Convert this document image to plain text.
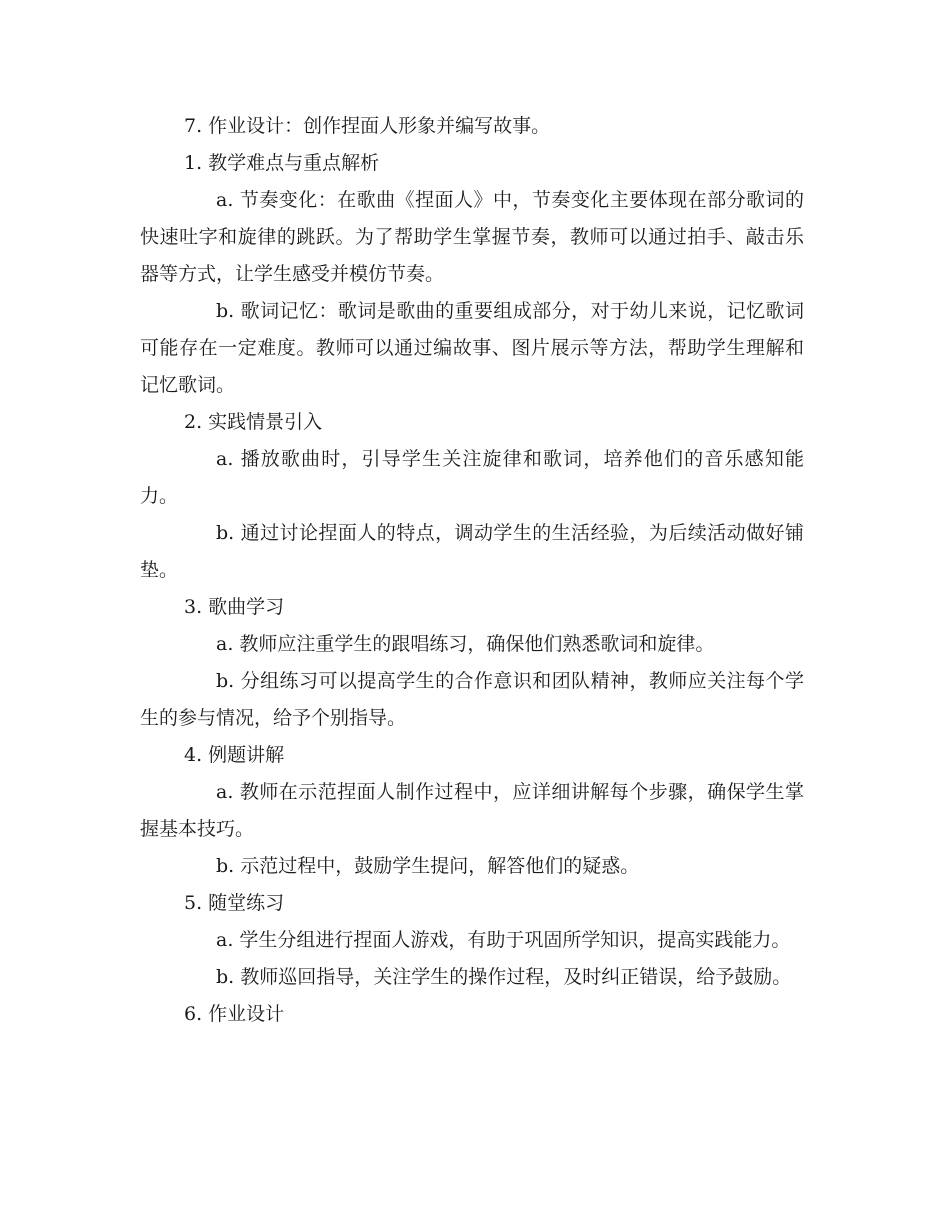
7. 作业设计：创作捏面人形象并编写故事。

1. 教学难点与重点解析

a. 节奏变化：在歌曲《捏面人》中，节奏变化主要体现在部分歌词的快速吐字和旋律的跳跃。为了帮助学生掌握节奏，教师可以通过拍手、敲击乐器等方式，让学生感受并模仿节奏。

b. 歌词记忆：歌词是歌曲的重要组成部分，对于幼儿来说，记忆歌词可能存在一定难度。教师可以通过编故事、图片展示等方法，帮助学生理解和记忆歌词。

2. 实践情景引入

a. 播放歌曲时，引导学生关注旋律和歌词，培养他们的音乐感知能力。

b. 通过讨论捏面人的特点，调动学生的生活经验，为后续活动做好铺垫。

3. 歌曲学习

a. 教师应注重学生的跟唱练习，确保他们熟悉歌词和旋律。

b. 分组练习可以提高学生的合作意识和团队精神，教师应关注每个学生的参与情况，给予个别指导。

4. 例题讲解

a. 教师在示范捏面人制作过程中，应详细讲解每个步骤，确保学生掌握基本技巧。

b. 示范过程中，鼓励学生提问，解答他们的疑惑。

5. 随堂练习

a. 学生分组进行捏面人游戏，有助于巩固所学知识，提高实践能力。

b. 教师巡回指导，关注学生的操作过程，及时纠正错误，给予鼓励。

6. 作业设计
